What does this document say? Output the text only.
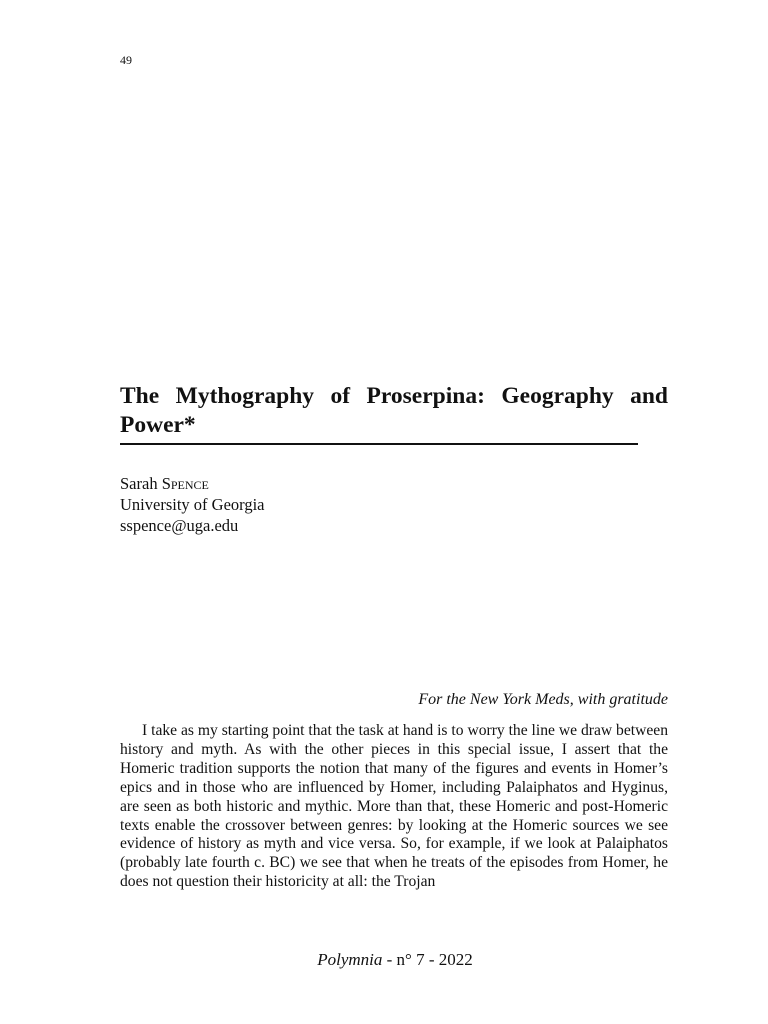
49
The Mythography of Proserpina: Geography and Power*
Sarah Spence
University of Georgia
sspence@uga.edu
For the New York Meds, with gratitude

I take as my starting point that the task at hand is to worry the line we draw between history and myth. As with the other pieces in this special issue, I assert that the Homeric tradition supports the notion that many of the figures and events in Homer’s epics and in those who are influenced by Homer, including Palaiphatos and Hyginus, are seen as both historic and mythic. More than that, these Homeric and post-Homeric texts enable the crossover between genres: by looking at the Homeric sources we see evidence of history as myth and vice versa. So, for example, if we look at Palaiphatos (probably late fourth c. BC) we see that when he treats of the episodes from Homer, he does not question their historicity at all: the Trojan

Polymnia - n° 7 - 2022
